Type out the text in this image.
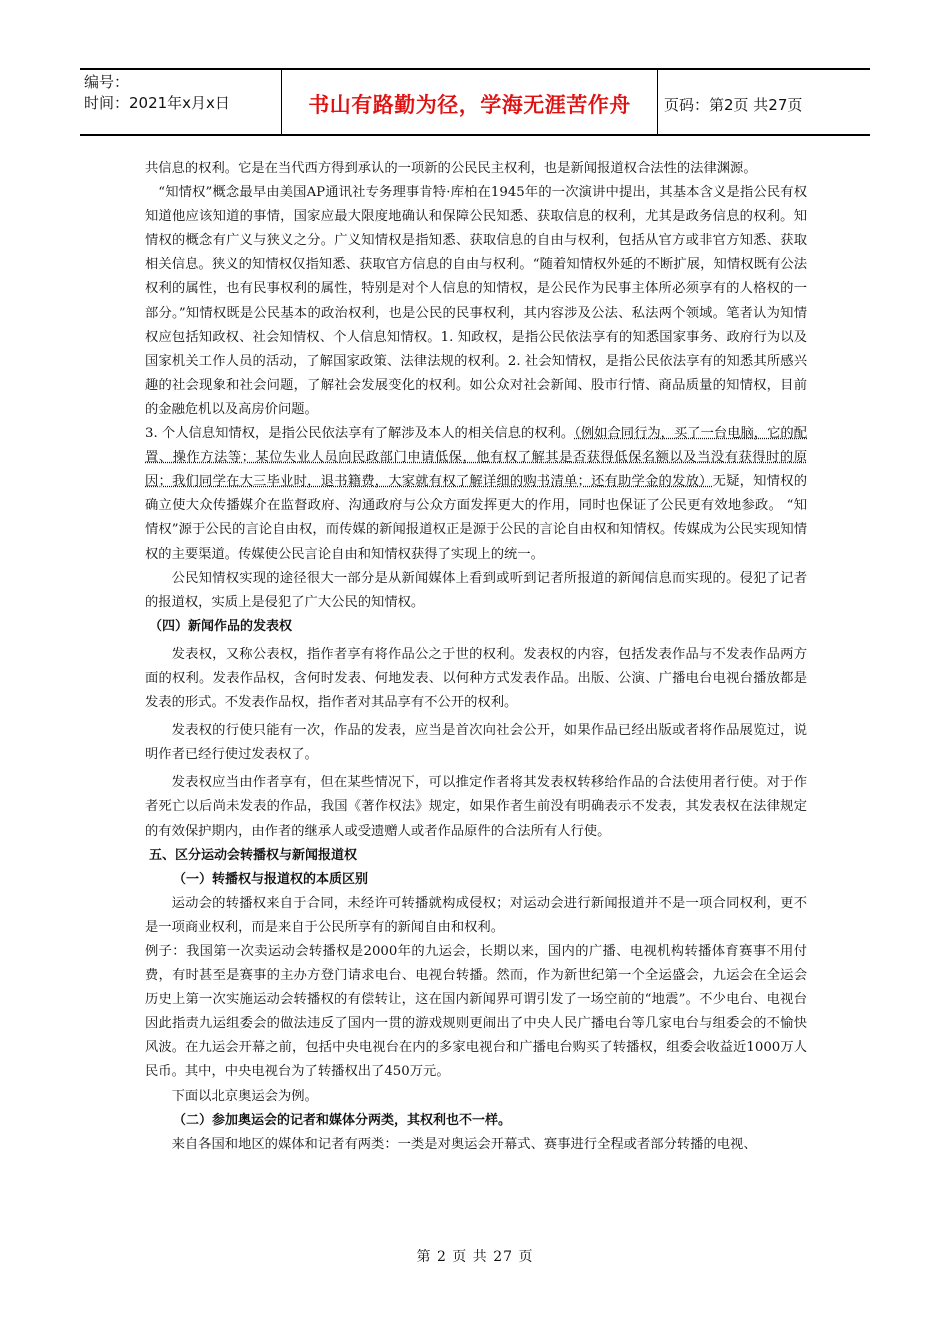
编号：
时间：2021年x月x日	书山有路勤为径，学海无涯苦作舟	页码：第2页 共27页

共信息的权利。它是在当代西方得到承认的一项新的公民民主权利，也是新闻报道权合法性的法律渊源。

“知情权”概念最早由美国AP通讯社专务理事肯特·库柏在1945年的一次演讲中提出，其基本含义是指公民有权知道他应该知道的事情，国家应最大限度地确认和保障公民知悉、获取信息的权利，尤其是政务信息的权利。知情权的概念有广义与狭义之分。广义知情权是指知悉、获取信息的自由与权利，包括从官方或非官方知悉、获取相关信息。狭义的知情权仅指知悉、获取官方信息的自由与权利。“随着知情权外延的不断扩展，知情权既有公法权利的属性，也有民事权利的属性，特别是对个人信息的知情权，是公民作为民事主体所必须享有的人格权的一部分。”知情权既是公民基本的政治权利，也是公民的民事权利，其内容涉及公法、私法两个领域。笔者认为知情权应包括知政权、社会知情权、个人信息知情权。1. 知政权，是指公民依法享有的知悉国家事务、政府行为以及国家机关工作人员的活动，了解国家政策、法律法规的权利。2. 社会知情权，是指公民依法享有的知悉其所感兴趣的社会现象和社会问题，了解社会发展变化的权利。如公众对社会新闻、股市行情、商品质量的知情权，目前的金融危机以及高房价问题。

3. 个人信息知情权，是指公民依法享有了解涉及本人的相关信息的权利。（例如合同行为，买了一台电脑，它的配置、操作方法等；某位失业人员向民政部门申请低保，他有权了解其是否获得低保名额以及当没有获得时的原因；我们同学在大三毕业时，退书籍费，大家就有权了解详细的购书清单；还有助学金的发放）无疑，知情权的确立使大众传播媒介在监督政府、沟通政府与公众方面发挥更大的作用，同时也保证了公民更有效地参政。 “知情权”源于公民的言论自由权，而传媒的新闻报道权正是源于公民的言论自由权和知情权。传媒成为公民实现知情权的主要渠道。传媒使公民言论自由和知情权获得了实现上的统一。

公民知情权实现的途径很大一部分是从新闻媒体上看到或听到记者所报道的新闻信息而实现的。侵犯了记者的报道权，实质上是侵犯了广大公民的知情权。

（四）新闻作品的发表权

发表权，又称公表权，指作者享有将作品公之于世的权利。发表权的内容，包括发表作品与不发表作品两方面的权利。发表作品权，含何时发表、何地发表、以何种方式发表作品。出版、公演、广播电台电视台播放都是发表的形式。不发表作品权，指作者对其品享有不公开的权利。

发表权的行使只能有一次，作品的发表，应当是首次向社会公开，如果作品已经出版或者将作品展览过，说明作者已经行使过发表权了。

发表权应当由作者享有，但在某些情况下，可以推定作者将其发表权转移给作品的合法使用者行使。对于作者死亡以后尚未发表的作品，我国《著作权法》规定，如果作者生前没有明确表示不发表，其发表权在法律规定的有效保护期内，由作者的继承人或受遗赠人或者作品原件的合法所有人行使。

五、区分运动会转播权与新闻报道权

（一）转播权与报道权的本质区别

运动会的转播权来自于合同，未经许可转播就构成侵权；对运动会进行新闻报道并不是一项合同权利，更不是一项商业权利，而是来自于公民所享有的新闻自由和权利。

例子：我国第一次卖运动会转播权是2000年的九运会，长期以来，国内的广播、电视机构转播体育赛事不用付费，有时甚至是赛事的主办方登门请求电台、电视台转播。然而，作为新世纪第一个全运盛会，九运会在全运会历史上第一次实施运动会转播权的有偿转让，这在国内新闻界可谓引发了一场空前的“地震”。不少电台、电视台因此指责九运组委会的做法违反了国内一贯的游戏规则更闹出了中央人民广播电台等几家电台与组委会的不愉快风波。在九运会开幕之前，包括中央电视台在内的多家电视台和广播电台购买了转播权，组委会收益近1000万人民币。其中，中央电视台为了转播权出了450万元。

下面以北京奥运会为例。

（二）参加奥运会的记者和媒体分两类，其权利也不一样。

来自各国和地区的媒体和记者有两类：一类是对奥运会开幕式、赛事进行全程或者部分转播的电视、

第 2 页 共 27 页
